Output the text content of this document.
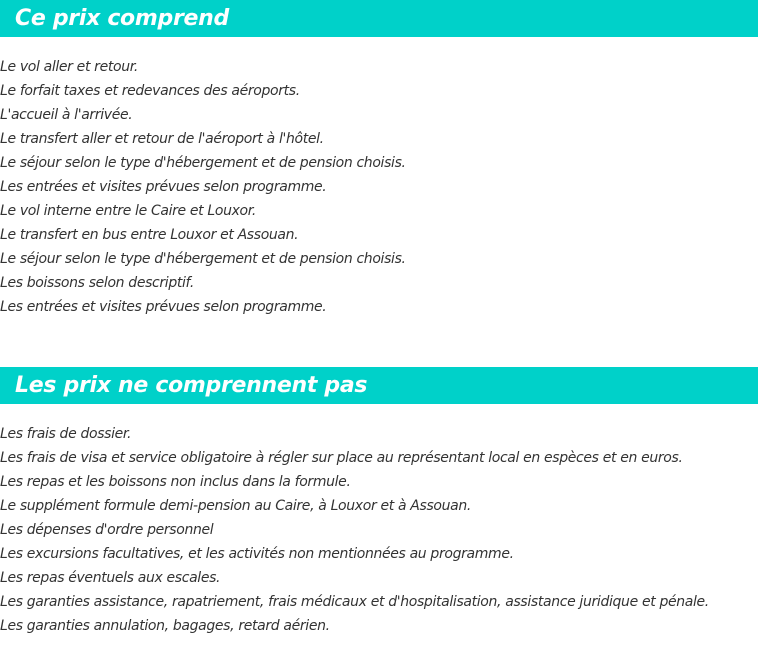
Ce prix comprend
Le vol aller et retour.
Le forfait taxes et redevances des aéroports.
L'accueil à l'arrivée.
Le transfert aller et retour de l'aéroport à l'hôtel.
Le séjour selon le type d'hébergement et de pension choisis.
Les entrées et visites prévues selon programme.
Le vol interne entre le Caire et Louxor.
Le transfert en bus entre Louxor et Assouan.
Le séjour selon le type d'hébergement et de pension choisis.
Les boissons selon descriptif.
Les entrées et visites prévues selon programme.
Les prix ne comprennent pas
Les frais de dossier.
Les frais de visa et service obligatoire à régler sur place au représentant local en espèces et en euros.
Les repas et les boissons non inclus dans la formule.
Le supplément formule demi-pension au Caire, à Louxor et à Assouan.
Les dépenses d'ordre personnel
Les excursions facultatives, et les activités non mentionnées au programme.
Les repas éventuels aux escales.
Les garanties assistance, rapatriement, frais médicaux et d'hospitalisation, assistance juridique et pénale.
Les garanties annulation, bagages, retard aérien.
